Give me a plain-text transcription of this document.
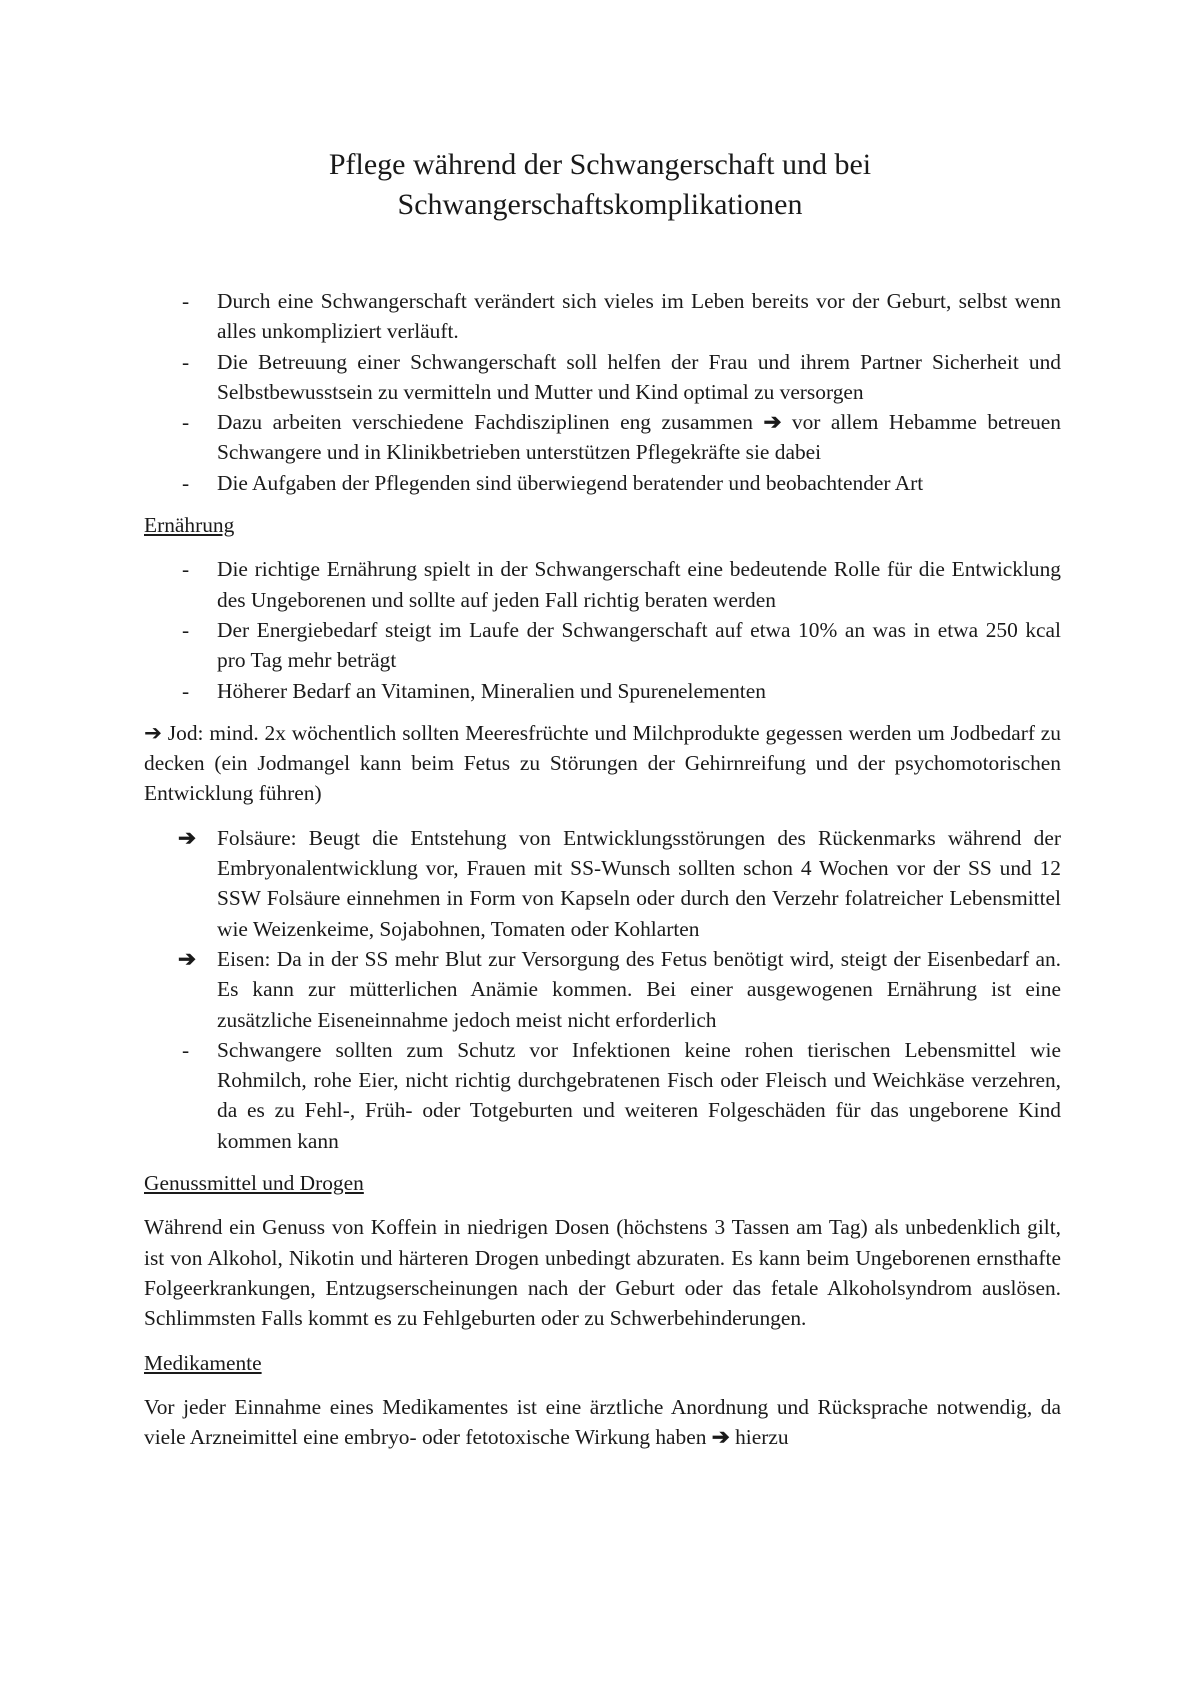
Pflege während der Schwangerschaft und bei
Schwangerschaftskomplikationen
- Durch eine Schwangerschaft verändert sich vieles im Leben bereits vor der Geburt, selbst wenn alles unkompliziert verläuft.
- Die Betreuung einer Schwangerschaft soll helfen der Frau und ihrem Partner Sicherheit und Selbstbewusstsein zu vermitteln und Mutter und Kind optimal zu versorgen
- Dazu arbeiten verschiedene Fachdisziplinen eng zusammen ➔ vor allem Hebamme betreuen Schwangere und in Klinikbetrieben unterstützen Pflegekräfte sie dabei
- Die Aufgaben der Pflegenden sind überwiegend beratender und beobachtender Art
Ernährung
- Die richtige Ernährung spielt in der Schwangerschaft eine bedeutende Rolle für die Entwicklung des Ungeborenen und sollte auf jeden Fall richtig beraten werden
- Der Energiebedarf steigt im Laufe der Schwangerschaft auf etwa 10% an was in etwa 250 kcal pro Tag mehr beträgt
- Höherer Bedarf an Vitaminen, Mineralien und Spurenelementen
➔ Jod: mind. 2x wöchentlich sollten Meeresfrüchte und Milchprodukte gegessen werden um Jodbedarf zu decken (ein Jodmangel kann beim Fetus zu Störungen der Gehirnreifung und der psychomotorischen Entwicklung führen)
➔ Folsäure: Beugt die Entstehung von Entwicklungsstörungen des Rückenmarks während der Embryonalentwicklung vor, Frauen mit SS-Wunsch sollten schon 4 Wochen vor der SS und 12 SSW Folsäure einnehmen in Form von Kapseln oder durch den Verzehr folatreicher Lebensmittel wie Weizenkeime, Sojabohnen, Tomaten oder Kohlarten
➔ Eisen: Da in der SS mehr Blut zur Versorgung des Fetus benötigt wird, steigt der Eisenbedarf an. Es kann zur mütterlichen Anämie kommen. Bei einer ausgewogenen Ernährung ist eine zusätzliche Eiseneinnahme jedoch meist nicht erforderlich
- Schwangere sollten zum Schutz vor Infektionen keine rohen tierischen Lebensmittel wie Rohmilch, rohe Eier, nicht richtig durchgebratenen Fisch oder Fleisch und Weichkäse verzehren, da es zu Fehl-, Früh- oder Totgeburten und weiteren Folgeschäden für das ungeborene Kind kommen kann
Genussmittel und Drogen
Während ein Genuss von Koffein in niedrigen Dosen (höchstens 3 Tassen am Tag) als unbedenklich gilt, ist von Alkohol, Nikotin und härteren Drogen unbedingt abzuraten. Es kann beim Ungeborenen ernsthafte Folgeerkrankungen, Entzugserscheinungen nach der Geburt oder das fetale Alkoholsyndrom auslösen. Schlimmsten Falls kommt es zu Fehlgeburten oder zu Schwerbehinderungen.
Medikamente
Vor jeder Einnahme eines Medikamentes ist eine ärztliche Anordnung und Rücksprache notwendig, da viele Arzneimittel eine embryo- oder fetotoxische Wirkung haben ➔ hierzu
